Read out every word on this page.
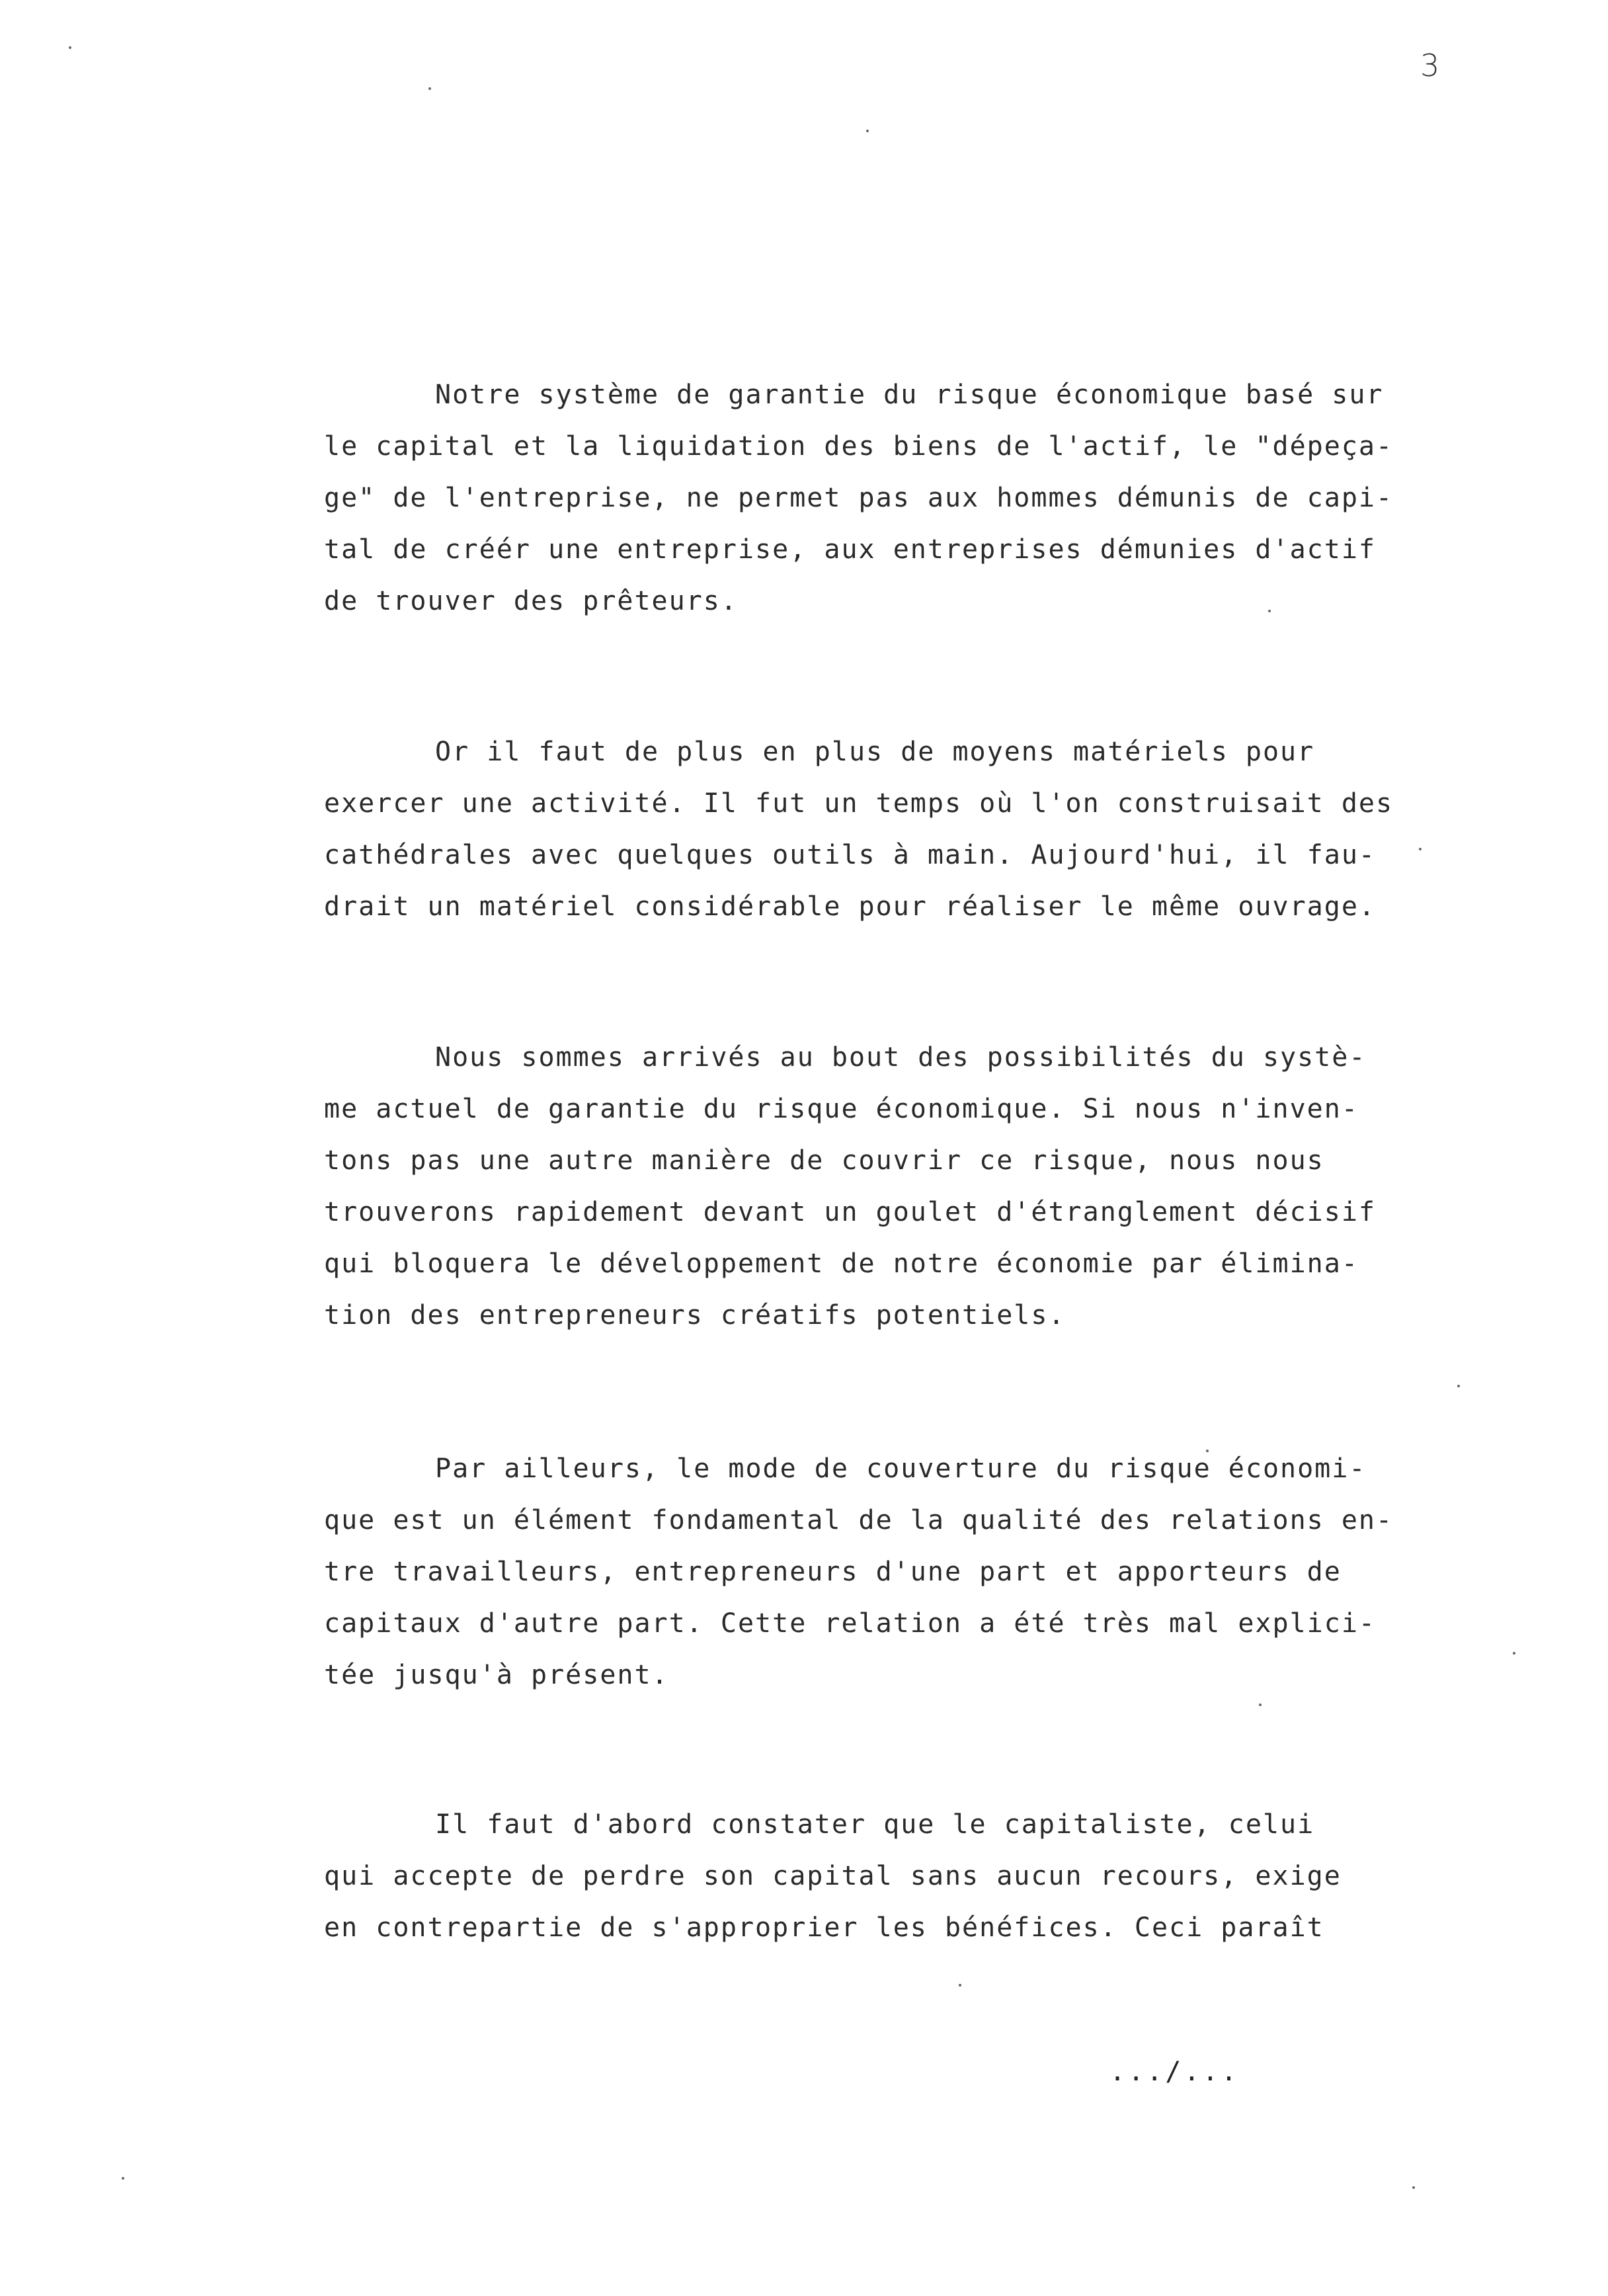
3
Notre système de garantie du risque économique basé sur
le capital et la liquidation des biens de l'actif, le "dépeça-
ge" de l'entreprise, ne permet pas aux hommes démunis de capi-
tal de créér une entreprise, aux entreprises démunies d'actif
de trouver des prêteurs.
Or il faut de plus en plus de moyens matériels pour
exercer une activité. Il fut un temps où l'on construisait des
cathédrales avec quelques outils à main. Aujourd'hui, il fau-
drait un matériel considérable pour réaliser le même ouvrage.
Nous sommes arrivés au bout des possibilités du systè-
me actuel de garantie du risque économique. Si nous n'inven-
tons pas une autre manière de couvrir ce risque, nous nous
trouverons rapidement devant un goulet d'étranglement décisif
qui bloquera le développement de notre économie par élimina-
tion des entrepreneurs créatifs potentiels.
Par ailleurs, le mode de couverture du risque économi-
que est un élément fondamental de la qualité des relations en-
tre travailleurs, entrepreneurs d'une part et apporteurs de
capitaux d'autre part. Cette relation a été très mal explici-
tée jusqu'à présent.
Il faut d'abord constater que le capitaliste, celui
qui accepte de perdre son capital sans aucun recours, exige
en contrepartie de s'approprier les bénéfices. Ceci paraît
.../...
